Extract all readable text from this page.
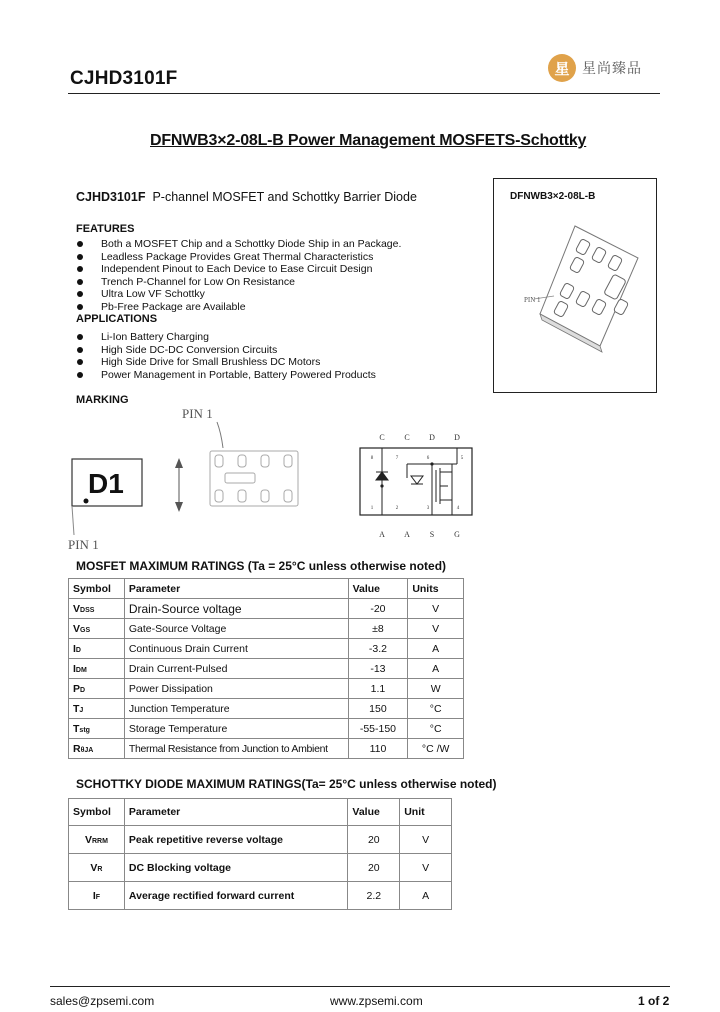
CJHD3101F	星 星尚臻品
DFNWB3×2-08L-B Power Management MOSFETS-Schottky
CJHD3101F P-channel MOSFET and Schottky Barrier Diode	DFNWB3×2-08L-B
PIN 1
FEATURES
Both a MOSFET Chip and a Schottky Diode Ship in an Package.
Leadless Package Provides Great Thermal Characteristics
Independent Pinout to Each Device to Ease Circuit Design
Trench P-Channel for Low On Resistance
Ultra Low VF Schottky
Pb-Free Package are Available
APPLICATIONS
Li-Ion Battery Charging
High Side DC-DC Conversion Circuits
High Side Drive for Small Brushless DC Motors
Power Management in Portable, Battery Powered Products
MARKING
PIN 1
D1
PIN 1
C C D D
A A S G
8	7	6	5
1	2	3	4
MOSFET MAXIMUM RATINGS (Ta = 25°C unless otherwise noted)
Symbol	Parameter	Value	Units
VDSS	Drain-Source voltage	-20	V
VGS	Gate-Source Voltage	±8	V
ID	Continuous Drain Current	-3.2	A
IDM	Drain Current-Pulsed	-13	A
PD	Power Dissipation	1.1	W
TJ	Junction Temperature	150	°C
Tstg	Storage Temperature	-55-150	°C
RθJA	Thermal Resistance from Junction to Ambient	110	°C /W
SCHOTTKY DIODE MAXIMUM RATINGS(Ta= 25°C unless otherwise noted)
Symbol	Parameter	Value	Unit
VRRM	Peak repetitive reverse voltage	20	V
VR	DC Blocking voltage	20	V
IF	Average rectified forward current	2.2	A
sales@zpsemi.com	www.zpsemi.com	1 of 2
